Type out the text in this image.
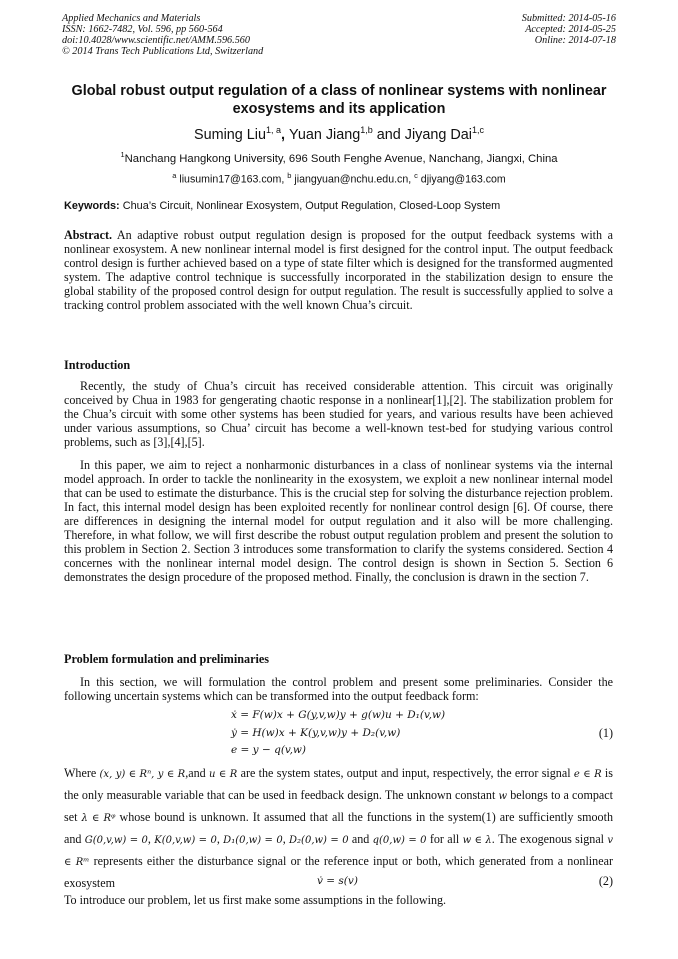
Applied Mechanics and Materials
ISSN: 1662-7482, Vol. 596, pp 560-564
doi:10.4028/www.scientific.net/AMM.596.560
© 2014 Trans Tech Publications Ltd, Switzerland
Submitted: 2014-05-16
Accepted: 2014-05-25
Online: 2014-07-18
Global robust output regulation of a class of nonlinear systems with nonlinear exosystems and its application
Suming Liu$^{1, a}$, Yuan Jiang$^{1,b}$ and Jiyang Dai$^{1,c}$
$^1$Nanchang Hangkong University, 696 South Fenghe Avenue, Nanchang, Jiangxi, China
$^a$ liusumin17@163.com, $^b$ jiangyuan@nchu.edu.cn, $^c$ djiyang@163.com
Keywords: Chua’s Circuit, Nonlinear Exosystem, Output Regulation, Closed-Loop System

Abstract. An adaptive robust output regulation design is proposed for the output feedback systems with a nonlinear exosystem. A new nonlinear internal model is first designed for the control input. The output feedback control design is further achieved based on a type of state filter which is designed for the transformed augmented system. The adaptive control technique is successfully incorporated in the stabilization design to ensure the global stability of the proposed control design for output regulation. The result is successfully applied to solve a tracking control problem associated with the well known Chua’s circuit.

Introduction

Recently, the study of Chua’s circuit has received considerable attention. This circuit was originally conceived by Chua in 1983 for gengerating chaotic response in a nonlinear[1],[2]. The stabilization problem for the Chua’s circuit with some other systems has been studied for years, and various results have been achieved under various assumptions, so Chua’ circuit has become a well-known test-bed for studying various control problems, such as [3],[4],[5].

In this paper, we aim to reject a nonharmonic disturbances in a class of nonlinear systems via the internal model approach. In order to tackle the nonlinearity in the exosystem, we exploit a new nonlinear internal model that can be used to estimate the disturbance. This is the crucial step for solving the disturbance rejection problem. In fact, this internal model design has been exploited recently for nonlinear control design [6]. Of course, there are differences in designing the internal model for output regulation and it also will be more challenging. Therefore, in what follow, we will first describe the robust output regulation problem and present the solution to this problem in Section 2. Section 3 introduces some transformation to clarify the systems considered. Section 4 concernes with the nonlinear internal model design. The control design is shown in Section 5. Section 6 demonstrates the design procedure of the proposed method. Finally, the conclusion is drawn in the section 7.

Problem formulation and preliminaries

In this section, we will formulation the control problem and present some preliminaries. Consider the following uncertain systems which can be transformed into the output feedback form:

ẋ = F(w)x + G(y,v,w)y + g(w)u + D₁(v,w)
ẏ = H(w)x + K(y,v,w)y + D₂(v,w)
e = y − q(v,w)
(1)

Where (x, y) ∈ Rⁿ, y ∈ R,and u ∈ R are the system states, output and input, respectively, the error signal e ∈ R is the only measurable variable that can be used in feedback design. The unknown constant w belongs to a compact set λ ∈ Rᵠ whose bound is unknown. It assumed that all the functions in the system(1) are sufficiently smooth and G(0,v,w) = 0, K(0,v,w) = 0, D₁(0,w) = 0, D₂(0,w) = 0 and q(0,w) = 0 for all w ∈ λ. The exogenous signal v ∈ Rᵐ represents either the disturbance signal or the reference input or both, which generated from a nonlinear exosystem	v̇ = s(v)	(2)

To introduce our problem, let us first make some assumptions in the following.
